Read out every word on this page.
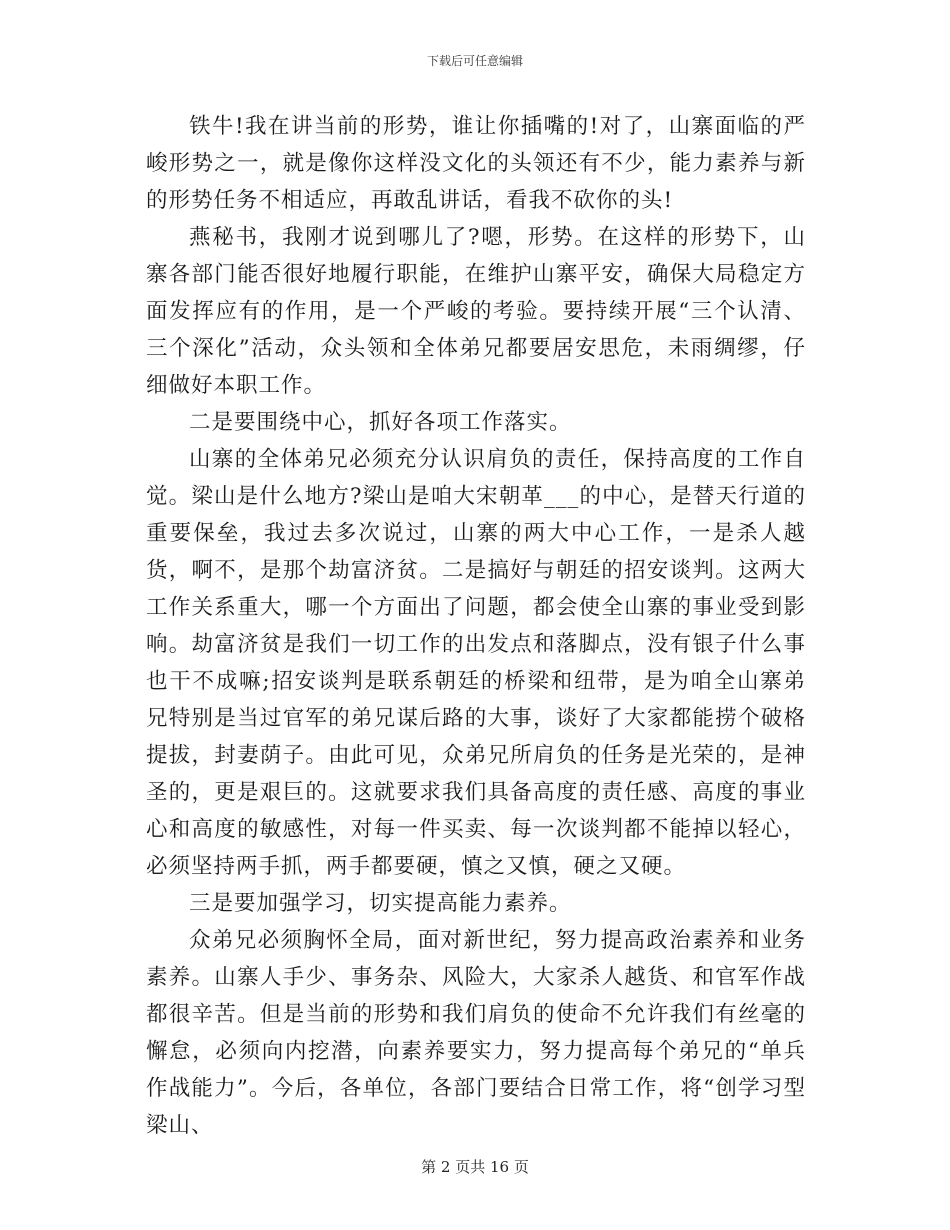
下载后可任意编辑

铁牛!我在讲当前的形势，谁让你插嘴的!对了，山寨面临的严峻形势之一，就是像你这样没文化的头领还有不少，能力素养与新的形势任务不相适应，再敢乱讲话，看我不砍你的头!

燕秘书，我刚才说到哪儿了?嗯，形势。在这样的形势下，山寨各部门能否很好地履行职能，在维护山寨平安，确保大局稳定方面发挥应有的作用，是一个严峻的考验。要持续开展“三个认清、三个深化”活动，众头领和全体弟兄都要居安思危，未雨绸缪，仔细做好本职工作。

二是要围绕中心，抓好各项工作落实。

山寨的全体弟兄必须充分认识肩负的责任，保持高度的工作自觉。梁山是什么地方?梁山是咱大宋朝革___的中心，是替天行道的重要保垒，我过去多次说过，山寨的两大中心工作，一是杀人越货，啊不，是那个劫富济贫。二是搞好与朝廷的招安谈判。这两大工作关系重大，哪一个方面出了问题，都会使全山寨的事业受到影响。劫富济贫是我们一切工作的出发点和落脚点，没有银子什么事也干不成嘛;招安谈判是联系朝廷的桥梁和纽带，是为咱全山寨弟兄特别是当过官军的弟兄谋后路的大事，谈好了大家都能捞个破格提拔，封妻荫子。由此可见，众弟兄所肩负的任务是光荣的，是神圣的，更是艰巨的。这就要求我们具备高度的责任感、高度的事业心和高度的敏感性，对每一件买卖、每一次谈判都不能掉以轻心，必须坚持两手抓，两手都要硬，慎之又慎，硬之又硬。

三是要加强学习，切实提高能力素养。

众弟兄必须胸怀全局，面对新世纪，努力提高政治素养和业务素养。山寨人手少、事务杂、风险大，大家杀人越货、和官军作战都很辛苦。但是当前的形势和我们肩负的使命不允许我们有丝毫的懈怠，必须向内挖潜，向素养要实力，努力提高每个弟兄的“单兵作战能力”。今后，各单位，各部门要结合日常工作，将“创学习型梁山、

第 2 页共 16 页
